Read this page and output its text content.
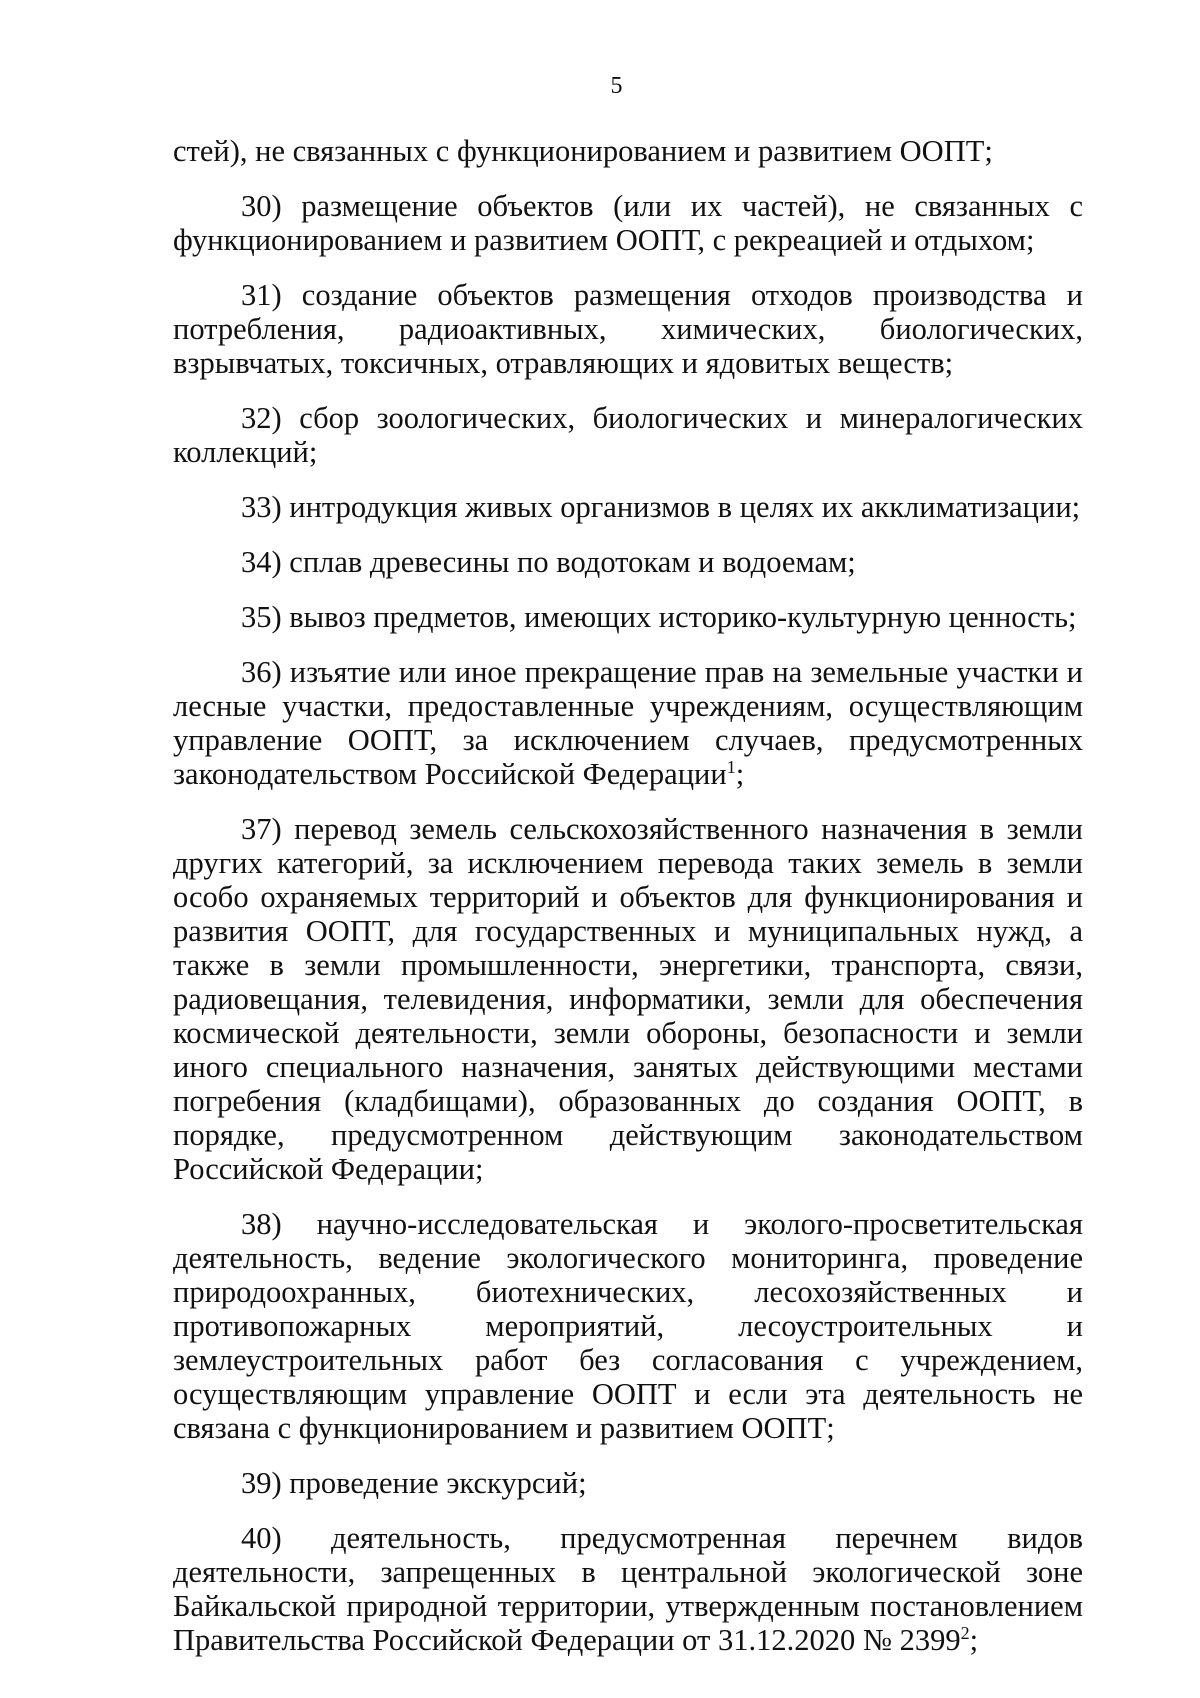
5

стей), не связанных с функционированием и развитием ООПТ;

30) размещение объектов (или их частей), не связанных с функционированием и развитием ООПТ, с рекреацией и отдыхом;

31) создание объектов размещения отходов производства и потребления, радиоактивных, химических, биологических, взрывчатых, токсичных, отравляющих и ядовитых веществ;

32) сбор зоологических, биологических и минералогических коллекций;

33) интродукция живых организмов в целях их акклиматизации;

34) сплав древесины по водотокам и водоемам;

35) вывоз предметов, имеющих историко-культурную ценность;

36) изъятие или иное прекращение прав на земельные участки и лесные участки, предоставленные учреждениям, осуществляющим управление ООПТ, за исключением случаев, предусмотренных законодательством Российской Федерации$^1$;

37) перевод земель сельскохозяйственного назначения в земли других категорий, за исключением перевода таких земель в земли особо охраняемых территорий и объектов для функционирования и развития ООПТ, для государственных и муниципальных нужд, а также в земли промышленности, энергетики, транспорта, связи, радиовещания, телевидения, информатики, земли для обеспечения космической деятельности, земли обороны, безопасности и земли иного специального назначения, занятых действующими местами погребения (кладбищами), образованных до создания ООПТ, в порядке, предусмотренном действующим законодательством Российской Федерации;

38) научно-исследовательская и эколого-просветительская деятельность, ведение экологического мониторинга, проведение природоохранных, биотехнических, лесохозяйственных и противопожарных мероприятий, лесоустроительных и землеустроительных работ без согласования с учреждением, осуществляющим управление ООПТ и если эта деятельность не связана с функционированием и развитием ООПТ;

39) проведение экскурсий;

40) деятельность, предусмотренная перечнем видов деятельности, запрещенных в центральной экологической зоне Байкальской природной территории, утвержденным постановлением Правительства Российской Федерации от 31.12.2020 № 2399$^2$;
